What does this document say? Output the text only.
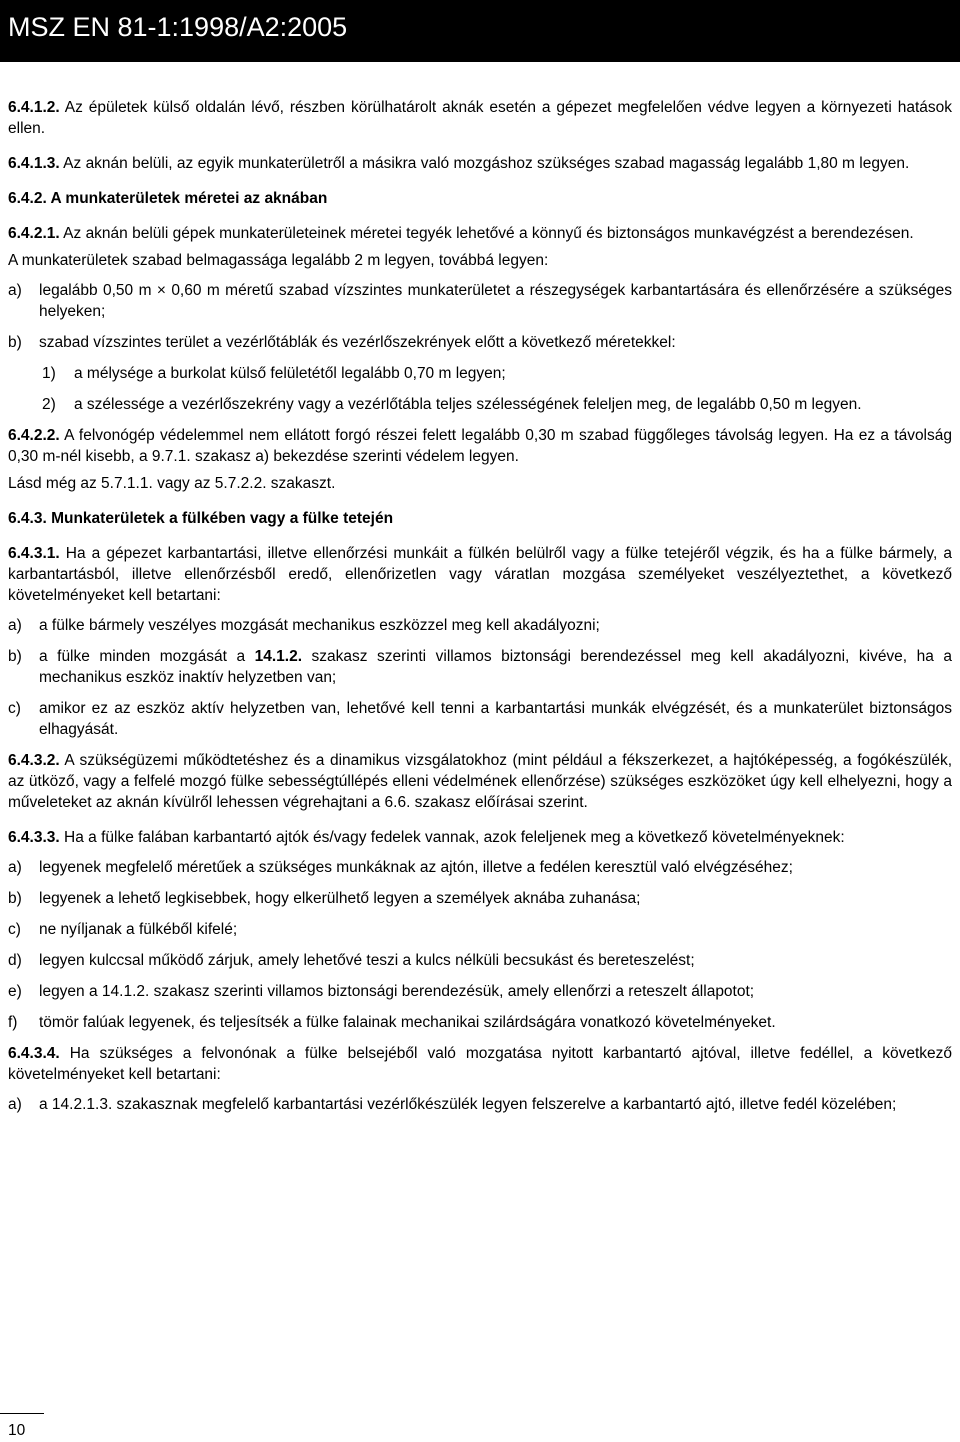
MSZ EN 81-1:1998/A2:2005

6.4.1.2. Az épületek külső oldalán lévő, részben körülhatárolt aknák esetén a gépezet megfelelően védve legyen a környezeti hatások ellen.

6.4.1.3. Az aknán belüli, az egyik munkaterületről a másikra való mozgáshoz szükséges szabad magasság legalább 1,80 m legyen.

6.4.2. A munkaterületek méretei az aknában

6.4.2.1. Az aknán belüli gépek munkaterületeinek méretei tegyék lehetővé a könnyű és biztonságos munkavégzést a berendezésen.

A munkaterületek szabad belmagassága legalább 2 m legyen, továbbá legyen:

a)	legalább 0,50 m × 0,60 m méretű szabad vízszintes munkaterületet a részegységek karbantartására és ellenőrzésére a szükséges helyeken;
b)	szabad vízszintes terület a vezérlőtáblák és vezérlőszekrények előtt a következő méretekkel:
1)	a mélysége a burkolat külső felületétől legalább 0,70 m legyen;
2)	a szélessége a vezérlőszekrény vagy a vezérlőtábla teljes szélességének feleljen meg, de legalább 0,50 m legyen.

6.4.2.2. A felvonógép védelemmel nem ellátott forgó részei felett legalább 0,30 m szabad függőleges távolság legyen. Ha ez a távolság 0,30 m-nél kisebb, a 9.7.1. szakasz a) bekezdése szerinti védelem legyen.

Lásd még az 5.7.1.1. vagy az 5.7.2.2. szakaszt.

6.4.3. Munkaterületek a fülkében vagy a fülke tetején

6.4.3.1. Ha a gépezet karbantartási, illetve ellenőrzési munkáit a fülkén belülről vagy a fülke tetejéről végzik, és ha a fülke bármely, a karbantartásból, illetve ellenőrzésből eredő, ellenőrizetlen vagy váratlan mozgása személyeket veszélyeztethet, a következő követelményeket kell betartani:

a)	a fülke bármely veszélyes mozgását mechanikus eszközzel meg kell akadályozni;
b)	a fülke minden mozgását a 14.1.2. szakasz szerinti villamos biztonsági berendezéssel meg kell akadályozni, kivéve, ha a mechanikus eszköz inaktív helyzetben van;
c)	amikor ez az eszköz aktív helyzetben van, lehetővé kell tenni a karbantartási munkák elvégzését, és a munkaterület biztonságos elhagyását.

6.4.3.2. A szükségüzemi működtetéshez és a dinamikus vizsgálatokhoz (mint például a fékszerkezet, a hajtóképesség, a fogókészülék, az ütköző, vagy a felfelé mozgó fülke sebességtúllépés elleni védelmének ellenőrzése) szükséges eszközöket úgy kell elhelyezni, hogy a műveleteket az aknán kívülről lehessen végrehajtani a 6.6. szakasz előírásai szerint.

6.4.3.3. Ha a fülke falában karbantartó ajtók és/vagy fedelek vannak, azok feleljenek meg a következő követelményeknek:

a)	legyenek megfelelő méretűek a szükséges munkáknak az ajtón, illetve a fedélen keresztül való elvégzéséhez;
b)	legyenek a lehető legkisebbek, hogy elkerülhető legyen a személyek aknába zuhanása;
c)	ne nyíljanak a fülkéből kifelé;
d)	legyen kulccsal működő zárjuk, amely lehetővé teszi a kulcs nélküli becsukást és bereteszelést;
e)	legyen a 14.1.2. szakasz szerinti villamos biztonsági berendezésük, amely ellenőrzi a reteszelt állapotot;
f)	tömör falúak legyenek, és teljesítsék a fülke falainak mechanikai szilárdságára vonatkozó követelményeket.

6.4.3.4. Ha szükséges a felvonónak a fülke belsejéből való mozgatása nyitott karbantartó ajtóval, illetve fedéllel, a következő követelményeket kell betartani:

a)	a 14.2.1.3. szakasznak megfelelő karbantartási vezérlőkészülék legyen felszerelve a karbantartó ajtó, illetve fedél közelében;
10
